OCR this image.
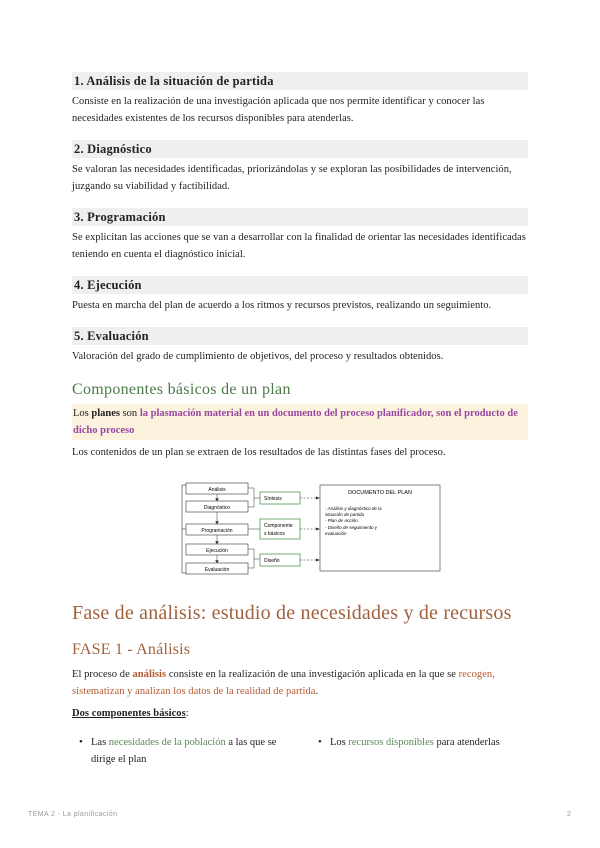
1. Análisis de la situación de partida
Consiste en la realización de una investigación aplicada que nos permite identificar y conocer las necesidades existentes de los recursos disponibles para atenderlas.
2. Diagnóstico
Se valoran las necesidades identificadas, priorizándolas y se exploran las posibilidades de intervención, juzgando su viabilidad y factibilidad.
3. Programación
Se explicitan las acciones que se van a desarrollar con la finalidad de orientar las necesidades identificadas teniendo en cuenta el diagnóstico inicial.
4. Ejecución
Puesta en marcha del plan de acuerdo a los ritmos y recursos previstos, realizando un seguimiento.
5. Evaluación
Valoración del grado de cumplimiento de objetivos, del proceso y resultados obtenidos.
Componentes básicos de un plan
Los planes son la plasmación material en un documento del proceso planificador, son el producto de dicho proceso
Los contenidos de un plan se extraen de los resultados de las distintas fases del proceso.
Análisis
Diagnóstico
Programación
Ejecución
Evaluación
Síntesis
Componente
s básicos
Diseño
DOCUMENTO DEL PLAN
- Análisis y diagnóstico de la
situación de partida
- Plan de Acción.
- Diseño de seguimiento y
evaluación
Fase de análisis: estudio de necesidades y de recursos
FASE 1 - Análisis
El proceso de análisis consiste en la realización de una investigación aplicada en la que se recogen, sistematizan y analizan los datos de la realidad de partida.
Dos componentes básicos:
• Las necesidades de la población a las que se dirige el plan
• Los recursos disponibles para atenderlas
TEMA 2 - La planificación	2
